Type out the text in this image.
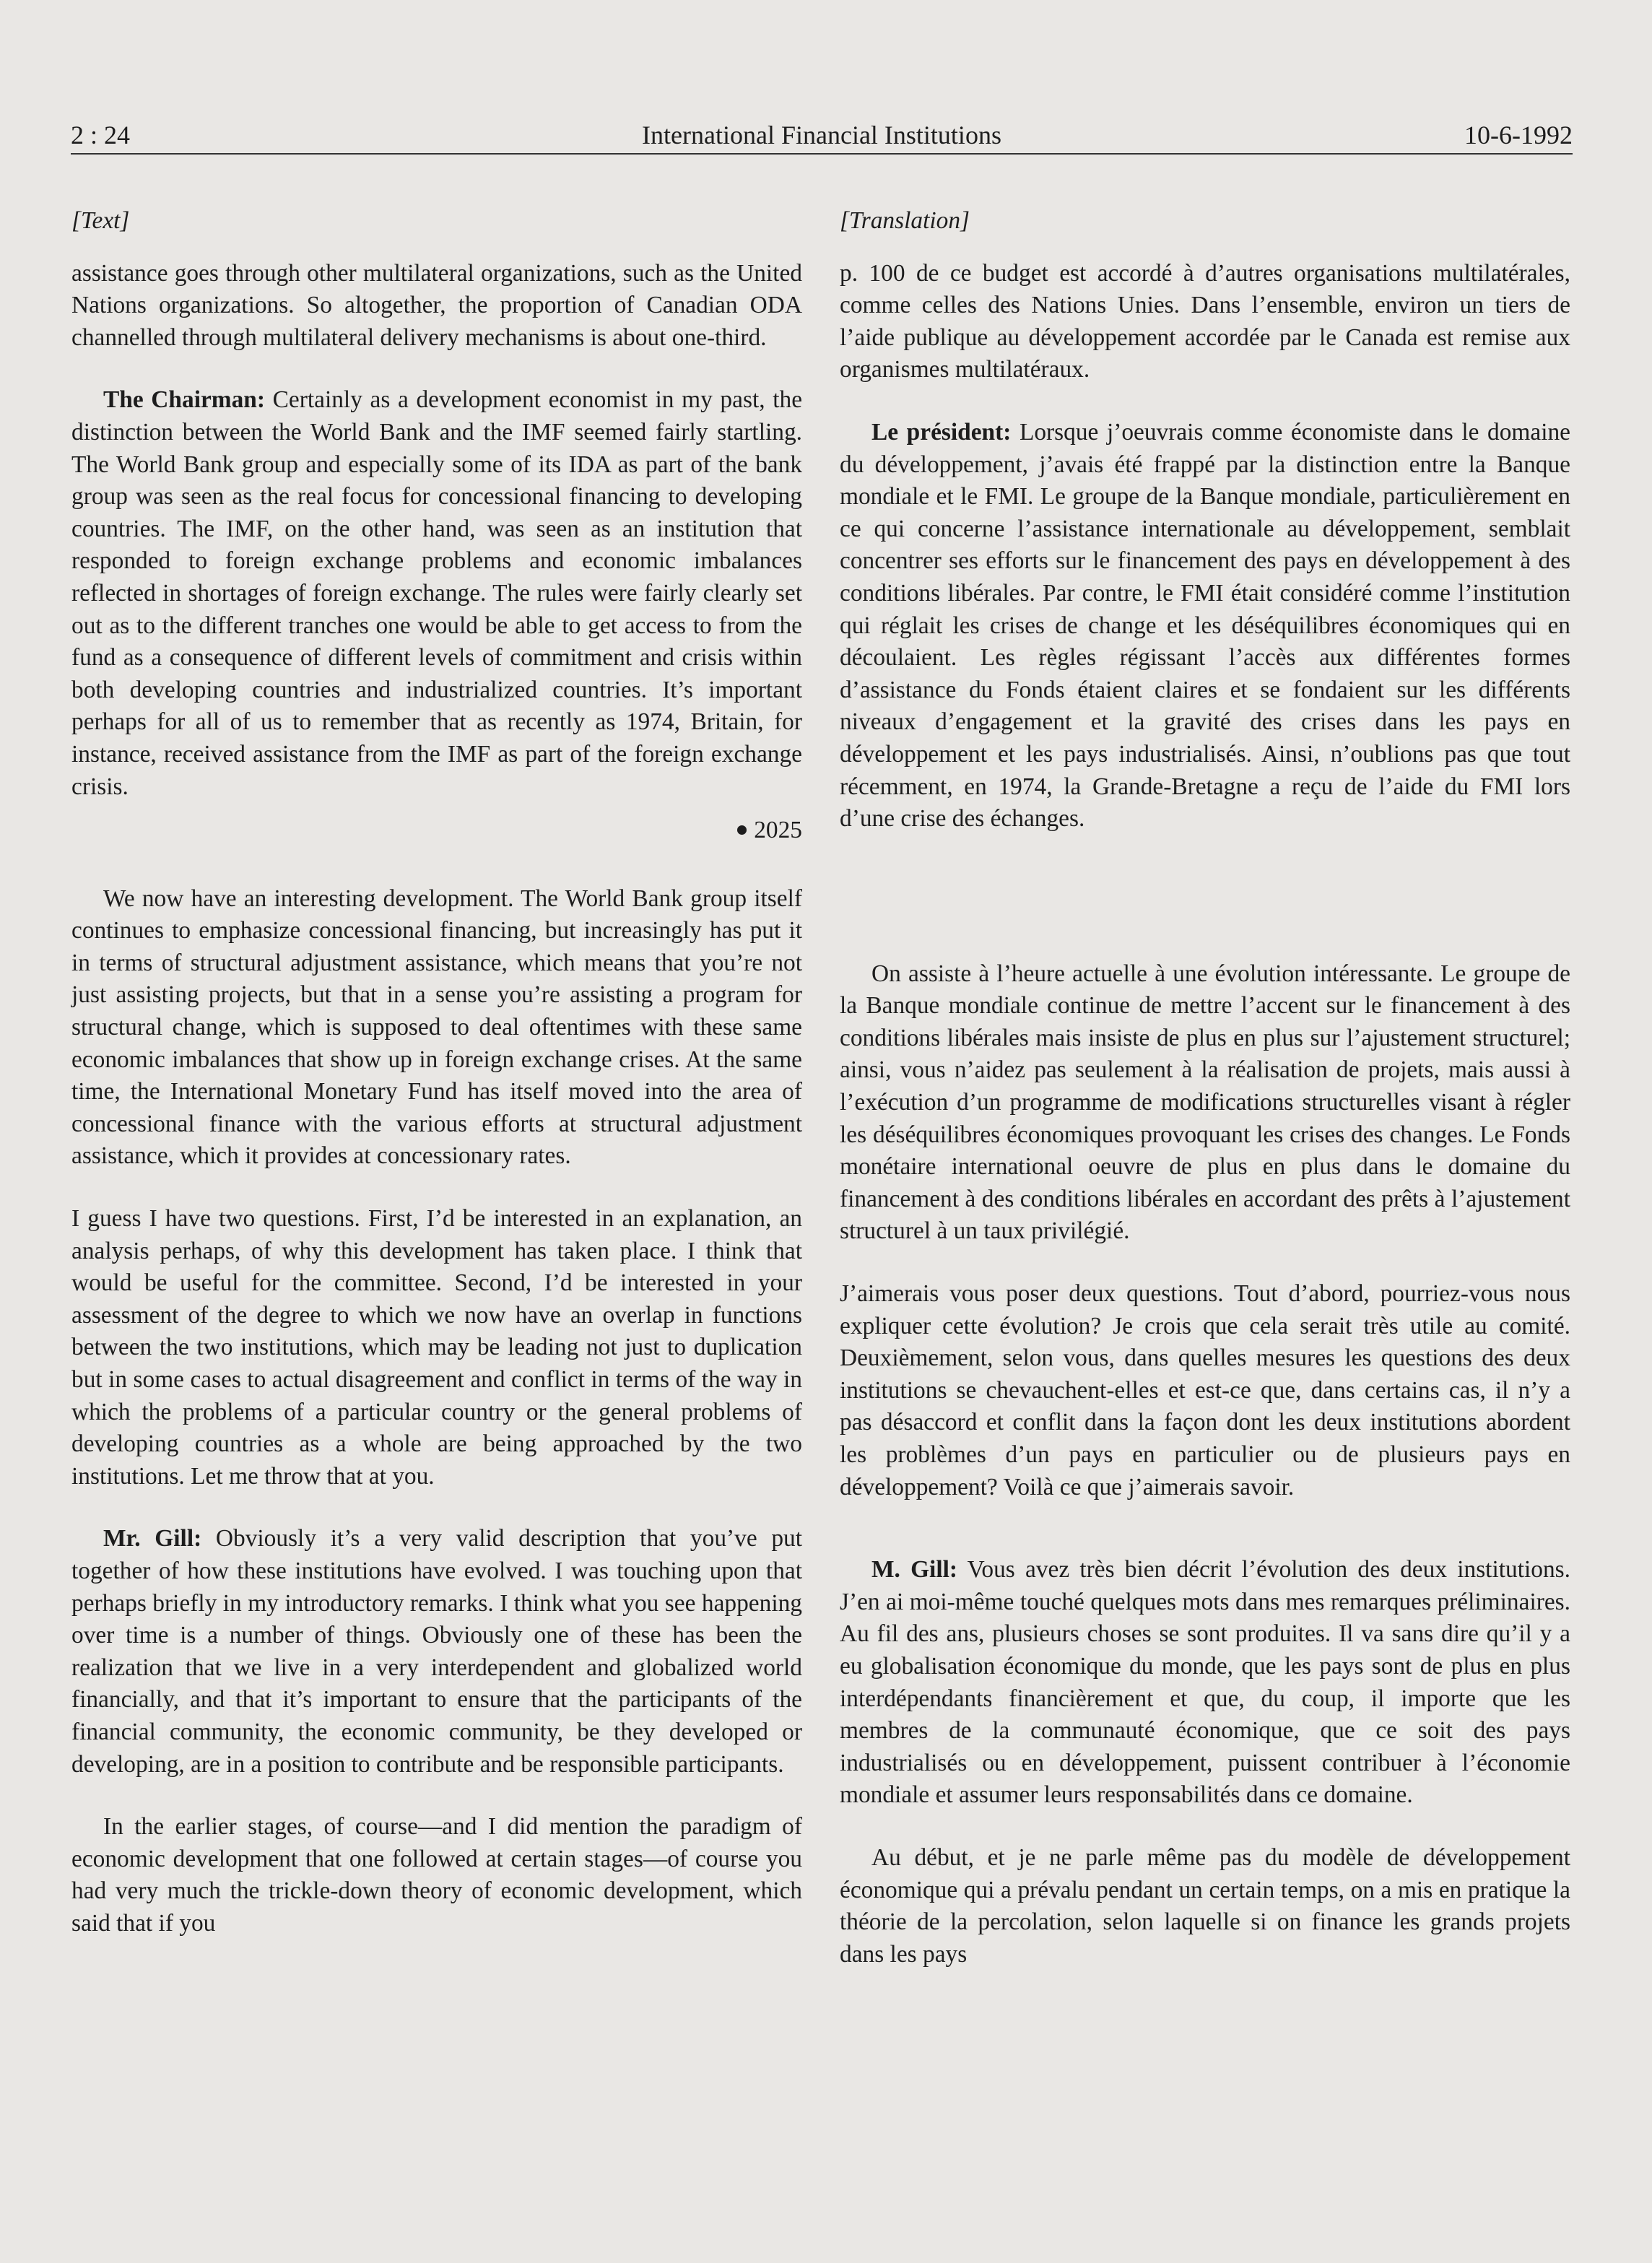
2 : 24	International Financial Institutions	10-6-1992

[Text]

assistance goes through other multilateral organizations, such as the United Nations organizations. So altogether, the proportion of Canadian ODA channelled through multilateral delivery mechanisms is about one-third.

The Chairman: Certainly as a development economist in my past, the distinction between the World Bank and the IMF seemed fairly startling. The World Bank group and especially some of its IDA as part of the bank group was seen as the real focus for concessional financing to developing countries. The IMF, on the other hand, was seen as an institution that responded to foreign exchange problems and economic imbalances reflected in shortages of foreign exchange. The rules were fairly clearly set out as to the different tranches one would be able to get access to from the fund as a consequence of different levels of commitment and crisis within both developing countries and industrialized countries. It’s important perhaps for all of us to remember that as recently as 1974, Britain, for instance, received assistance from the IMF as part of the foreign exchange crisis.

2025

We now have an interesting development. The World Bank group itself continues to emphasize concessional financing, but increasingly has put it in terms of structural adjustment assistance, which means that you’re not just assisting projects, but that in a sense you’re assisting a program for structural change, which is supposed to deal oftentimes with these same economic imbalances that show up in foreign exchange crises. At the same time, the International Monetary Fund has itself moved into the area of concessional finance with the various efforts at structural adjustment assistance, which it provides at concessionary rates.

I guess I have two questions. First, I’d be interested in an explanation, an analysis perhaps, of why this development has taken place. I think that would be useful for the committee. Second, I’d be interested in your assessment of the degree to which we now have an overlap in functions between the two institutions, which may be leading not just to duplication but in some cases to actual disagreement and conflict in terms of the way in which the problems of a particular country or the general problems of developing countries as a whole are being approached by the two institutions. Let me throw that at you.

Mr. Gill: Obviously it’s a very valid description that you’ve put together of how these institutions have evolved. I was touching upon that perhaps briefly in my introductory remarks. I think what you see happening over time is a number of things. Obviously one of these has been the realization that we live in a very interdependent and globalized world financially, and that it’s important to ensure that the participants of the financial community, the economic community, be they developed or developing, are in a position to contribute and be responsible participants.

In the earlier stages, of course—and I did mention the paradigm of economic development that one followed at certain stages—of course you had very much the trickle-down theory of economic development, which said that if you

[Translation]

p. 100 de ce budget est accordé à d’autres organisations multilatérales, comme celles des Nations Unies. Dans l’ensemble, environ un tiers de l’aide publique au développement accordée par le Canada est remise aux organismes multilatéraux.

Le président: Lorsque j’oeuvrais comme économiste dans le domaine du développement, j’avais été frappé par la distinction entre la Banque mondiale et le FMI. Le groupe de la Banque mondiale, particulièrement en ce qui concerne l’assistance internationale au développement, semblait concentrer ses efforts sur le financement des pays en développement à des conditions libérales. Par contre, le FMI était considéré comme l’institution qui réglait les crises de change et les déséquilibres économiques qui en découlaient. Les règles régissant l’accès aux différentes formes d’assistance du Fonds étaient claires et se fondaient sur les différents niveaux d’engagement et la gravité des crises dans les pays en développement et les pays industrialisés. Ainsi, n’oublions pas que tout récemment, en 1974, la Grande-Bretagne a reçu de l’aide du FMI lors d’une crise des échanges.

On assiste à l’heure actuelle à une évolution intéressante. Le groupe de la Banque mondiale continue de mettre l’accent sur le financement à des conditions libérales mais insiste de plus en plus sur l’ajustement structurel; ainsi, vous n’aidez pas seulement à la réalisation de projets, mais aussi à l’exécution d’un programme de modifications structurelles visant à régler les déséquilibres économiques provoquant les crises des changes. Le Fonds monétaire international oeuvre de plus en plus dans le domaine du financement à des conditions libérales en accordant des prêts à l’ajustement structurel à un taux privilégié.

J’aimerais vous poser deux questions. Tout d’abord, pourriez-vous nous expliquer cette évolution? Je crois que cela serait très utile au comité. Deuxièmement, selon vous, dans quelles mesures les questions des deux institutions se chevauchent-elles et est-ce que, dans certains cas, il n’y a pas désaccord et conflit dans la façon dont les deux institutions abordent les problèmes d’un pays en particulier ou de plusieurs pays en développement? Voilà ce que j’aimerais savoir.

M. Gill: Vous avez très bien décrit l’évolution des deux institutions. J’en ai moi-même touché quelques mots dans mes remarques préliminaires. Au fil des ans, plusieurs choses se sont produites. Il va sans dire qu’il y a eu globalisation économique du monde, que les pays sont de plus en plus interdépendants financièrement et que, du coup, il importe que les membres de la communauté économique, que ce soit des pays industrialisés ou en développement, puissent contribuer à l’économie mondiale et assumer leurs responsabilités dans ce domaine.

Au début, et je ne parle même pas du modèle de développement économique qui a prévalu pendant un certain temps, on a mis en pratique la théorie de la percolation, selon laquelle si on finance les grands projets dans les pays
